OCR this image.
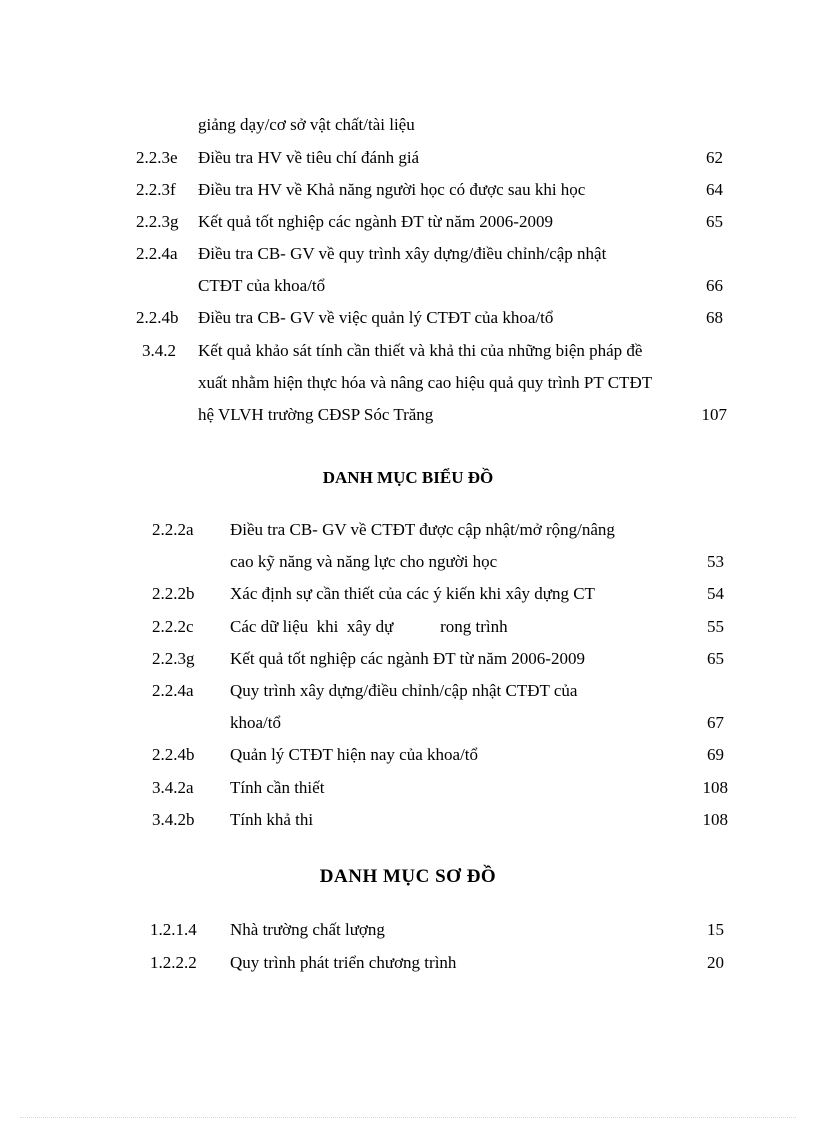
giảng dạy/cơ sở vật chất/tài liệu
2.2.3e Điều tra HV về tiêu chí đánh giá	62
2.2.3f Điều tra HV về Khả năng người học có được sau khi học	64
2.2.3g Kết quả tốt nghiệp các ngành ĐT từ năm 2006-2009	65
2.2.4a Điều tra CB- GV về quy trình xây dựng/điều chỉnh/cập nhật
CTĐT của khoa/tổ	66
2.2.4b Điều tra CB- GV về việc quản lý CTĐT của khoa/tổ	68
3.4.2 Kết quả khảo sát tính cần thiết và khả thi của những biện pháp đề
xuất nhằm hiện thực hóa và nâng cao hiệu quả quy trình PT CTĐT
hệ VLVH trường CĐSP Sóc Trăng	107
DANH MỤC BIỂU ĐỒ
2.2.2a Điều tra CB- GV về CTĐT được cập nhật/mở rộng/nâng
cao kỹ năng và năng lực cho người học	53
2.2.2b Xác định sự cần thiết của các ý kiến khi xây dựng CT	54
2.2.2c Các dữ liệu  khi  xây dự           rong trình	55
2.2.3g Kết quả tốt nghiệp các ngành ĐT từ năm 2006-2009	65
2.2.4a Quy trình xây dựng/điều chỉnh/cập nhật CTĐT của
khoa/tổ	67
2.2.4b Quản lý CTĐT hiện nay của khoa/tổ	69
3.4.2a Tính cần thiết	108
3.4.2b Tính khả thi	108
DANH MỤC SƠ ĐỒ
1.2.1.4 Nhà trường chất lượng	15
1.2.2.2 Quy trình phát triển chương trình	20
